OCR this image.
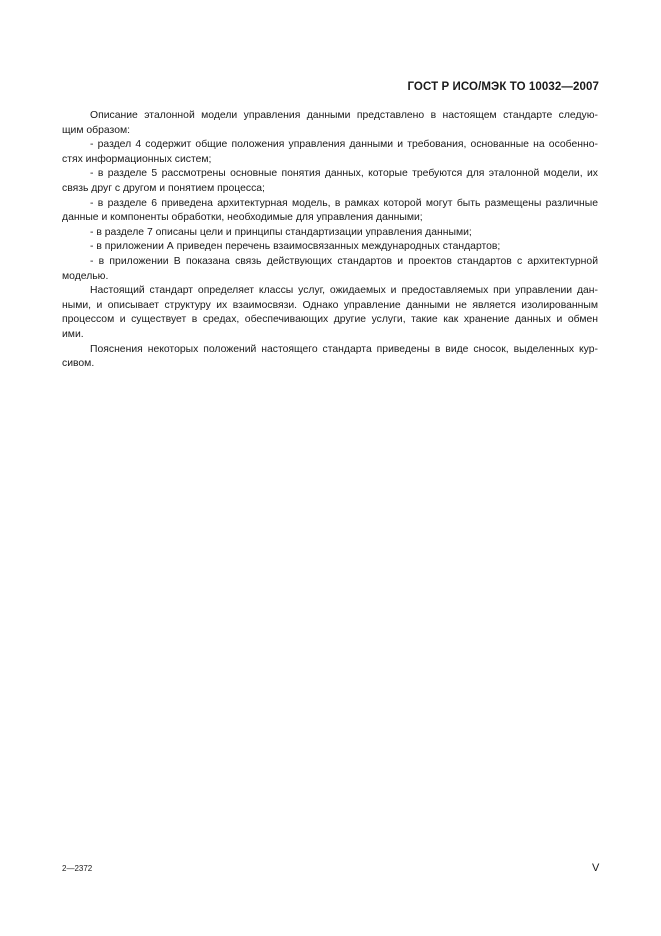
ГОСТ Р ИСО/МЭК ТО 10032—2007

Описание эталонной модели управления данными представлено в настоящем стандарте следую-

щим образом:

- раздел 4 содержит общие положения управления данными и требования, основанные на особенно-

стях информационных систем;

- в разделе 5 рассмотрены основные понятия данных, которые требуются для эталонной модели, их

связь друг с другом и понятием процесса;

- в разделе 6 приведена архитектурная модель, в рамках которой могут быть размещены различные

данные и компоненты обработки, необходимые для управления данными;

- в разделе 7 описаны цели и принципы стандартизации управления данными;

- в приложении А приведен перечень взаимосвязанных международных стандартов;

- в приложении В показана связь действующих стандартов и проектов стандартов с архитектурной

моделью.

Настоящий стандарт определяет классы услуг, ожидаемых и предоставляемых при управлении дан-

ными, и описывает структуру их взаимосвязи. Однако управление данными не является изолированным

процессом и существует в средах, обеспечивающих другие услуги, такие как хранение данных и обмен

ими.

Пояснения некоторых положений настоящего стандарта приведены в виде сносок, выделенных кур-

сивом.

2—2372	V
